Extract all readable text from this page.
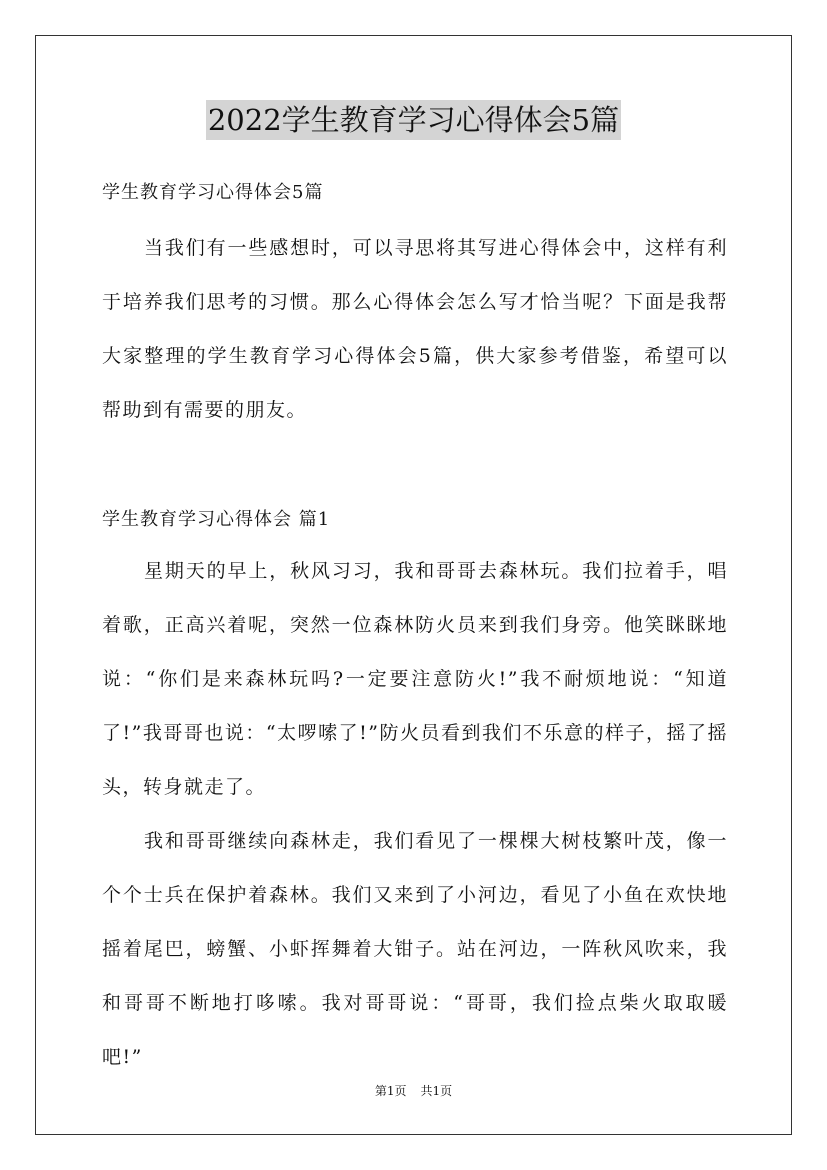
2022学生教育学习心得体会5篇

学生教育学习心得体会5篇

当我们有一些感想时，可以寻思将其写进心得体会中，这样有利于培养我们思考的习惯。那么心得体会怎么写才恰当呢？下面是我帮大家整理的学生教育学习心得体会5篇，供大家参考借鉴，希望可以帮助到有需要的朋友。

学生教育学习心得体会 篇1

星期天的早上，秋风习习，我和哥哥去森林玩。我们拉着手，唱着歌，正高兴着呢，突然一位森林防火员来到我们身旁。他笑眯眯地说：“你们是来森林玩吗?一定要注意防火!”我不耐烦地说：“知道了!”我哥哥也说：“太啰嗦了!”防火员看到我们不乐意的样子，摇了摇头，转身就走了。

我和哥哥继续向森林走，我们看见了一棵棵大树枝繁叶茂，像一个个士兵在保护着森林。我们又来到了小河边，看见了小鱼在欢快地摇着尾巴，螃蟹、小虾挥舞着大钳子。站在河边，一阵秋风吹来，我和哥哥不断地打哆嗦。我对哥哥说：“哥哥，我们捡点柴火取取暖吧!”

第1页 共1页
